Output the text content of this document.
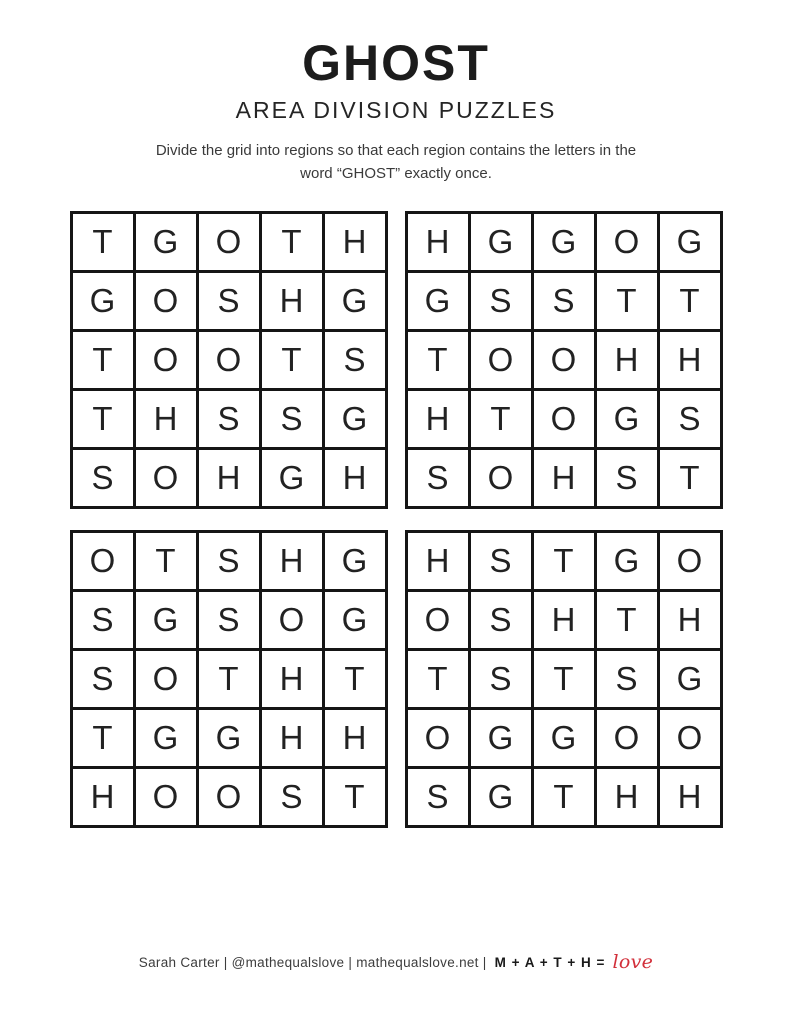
GHOST
AREA DIVISION PUZZLES

Divide the grid into regions so that each region contains the letters in the
word “GHOST” exactly once.

T	G	O	T	H
G	O	S	H	G
T	O	O	T	S
T	H	S	S	G
S	O	H	G	H
H	G	G	O	G
G	S	S	T	T
T	O	O	H	H
H	T	O	G	S
S	O	H	S	T
O	T	S	H	G
S	G	S	O	G
S	O	T	H	T
T	G	G	H	H
H	O	O	S	T
H	S	T	G	O
O	S	H	T	H
T	S	T	S	G
O	G	G	O	O
S	G	T	H	H
Sarah Carter | @mathequalslove | mathequalslove.net | M + A + T + H = love
